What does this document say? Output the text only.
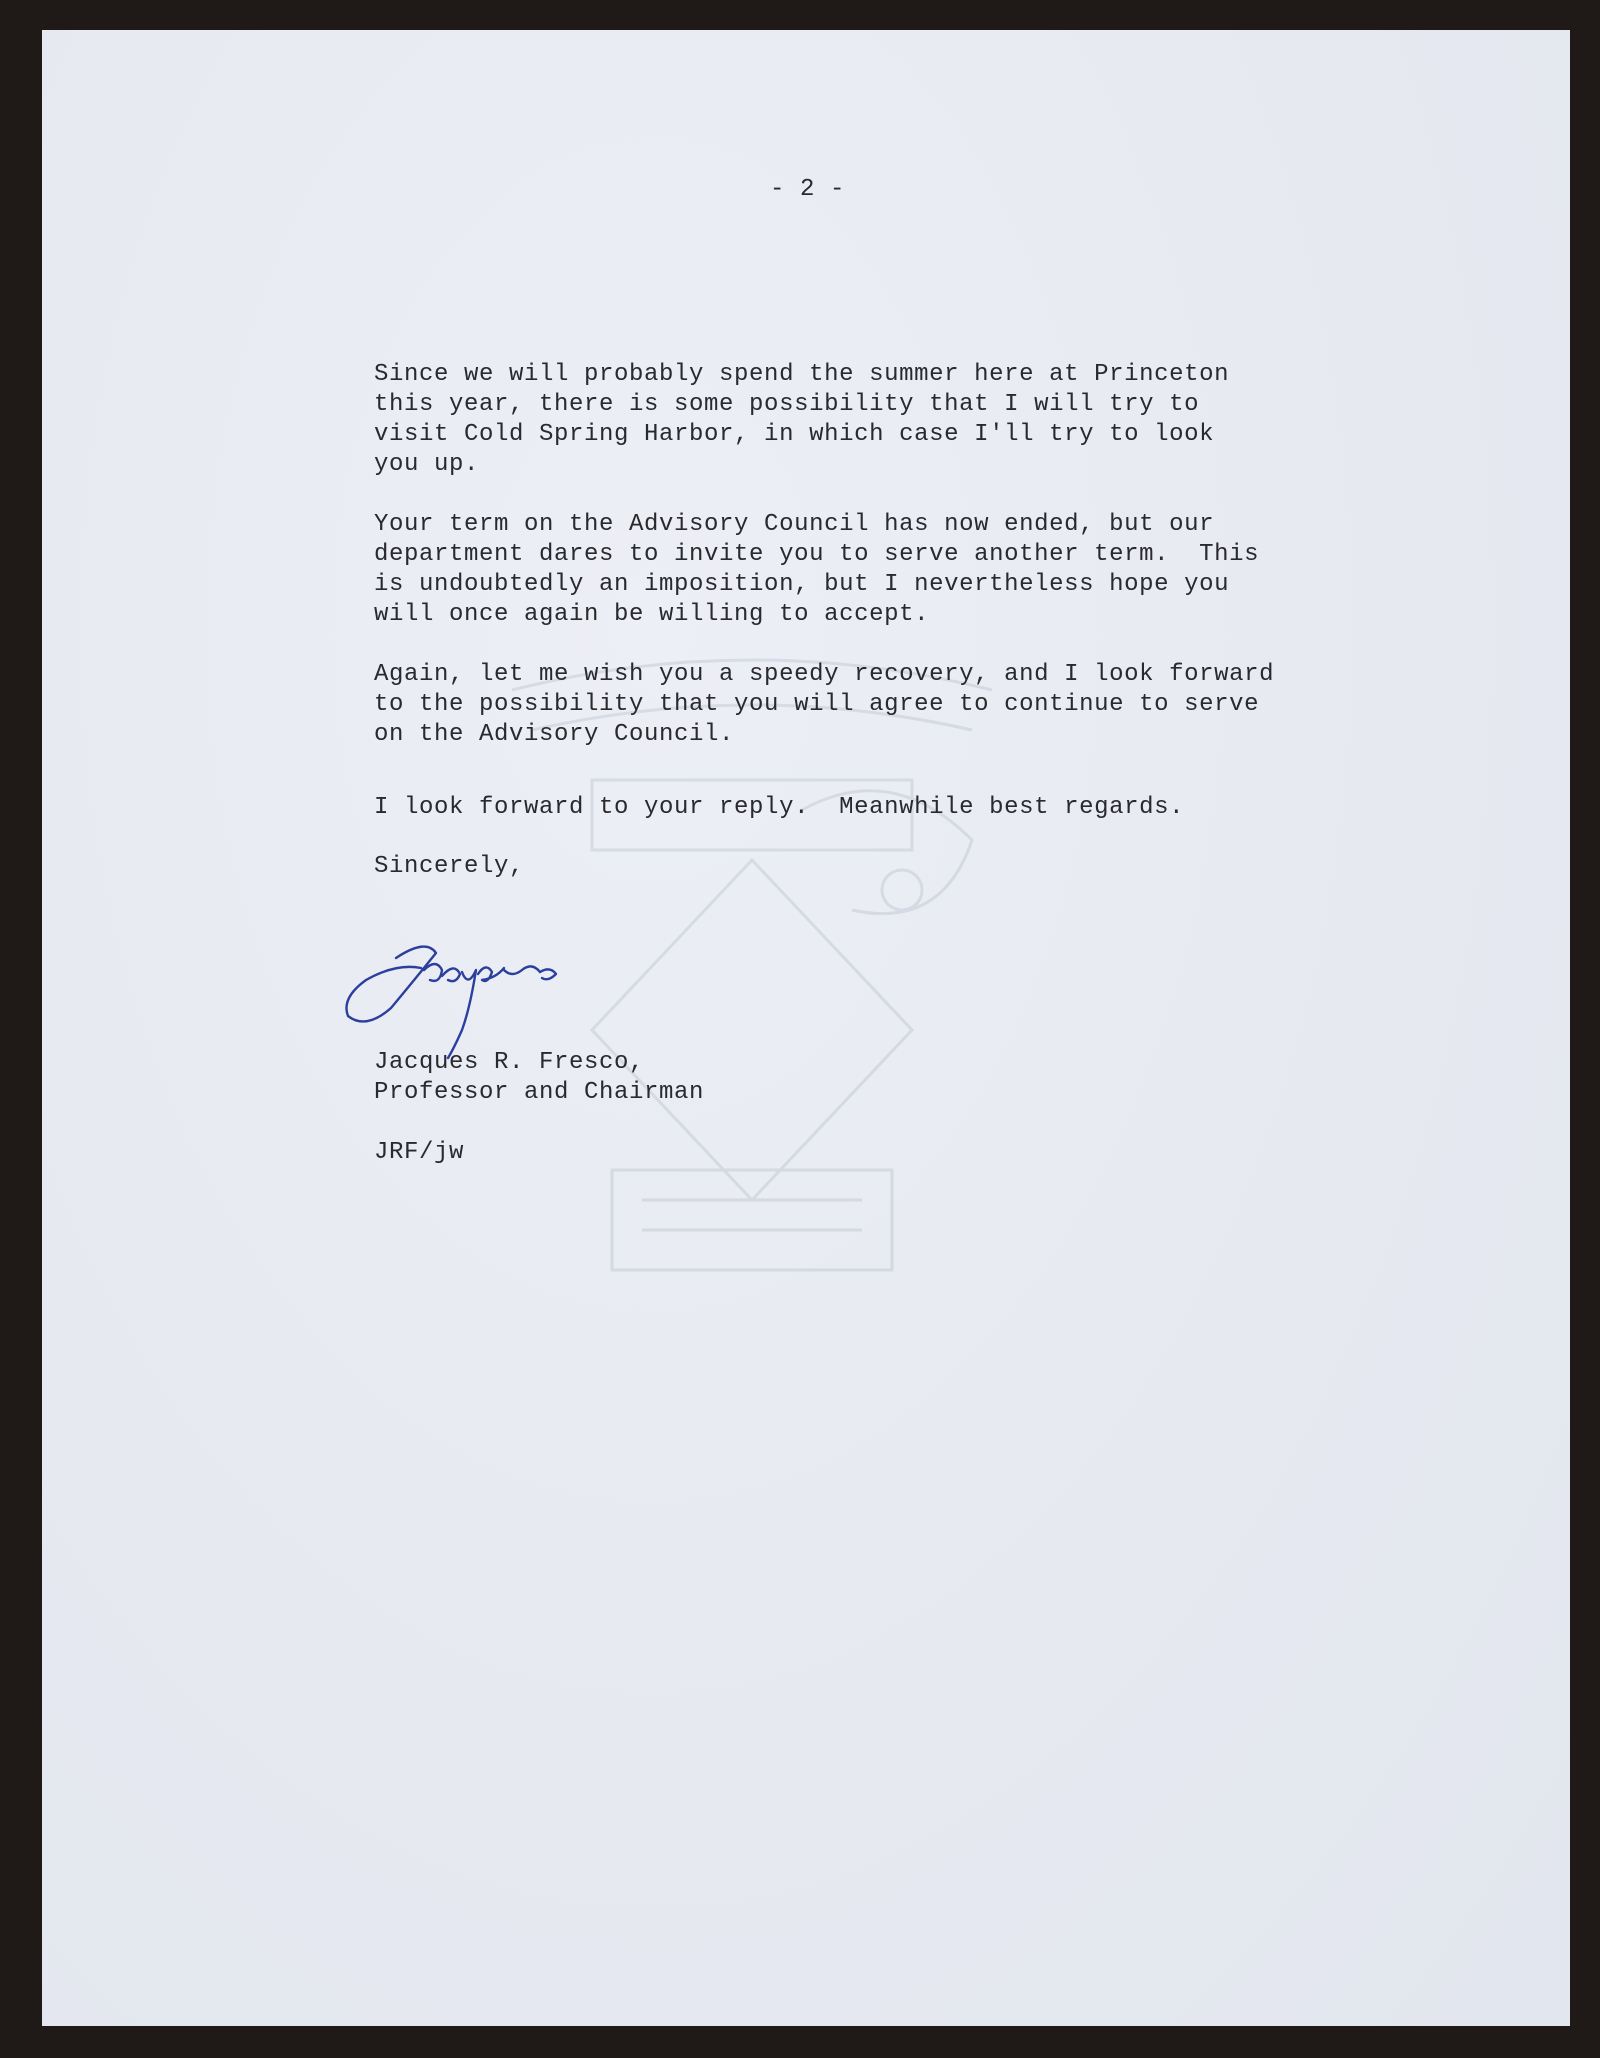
- 2 -

Since we will probably spend the summer here at Princeton
this year, there is some possibility that I will try to
visit Cold Spring Harbor, in which case I'll try to look
you up.

Your term on the Advisory Council has now ended, but our
department dares to invite you to serve another term.  This
is undoubtedly an imposition, but I nevertheless hope you
will once again be willing to accept.

Again, let me wish you a speedy recovery, and I look forward
to the possibility that you will agree to continue to serve
on the Advisory Council.

I look forward to your reply.  Meanwhile best regards.

Sincerely,

Jacques R. Fresco,

Professor and Chairman

JRF/jw
